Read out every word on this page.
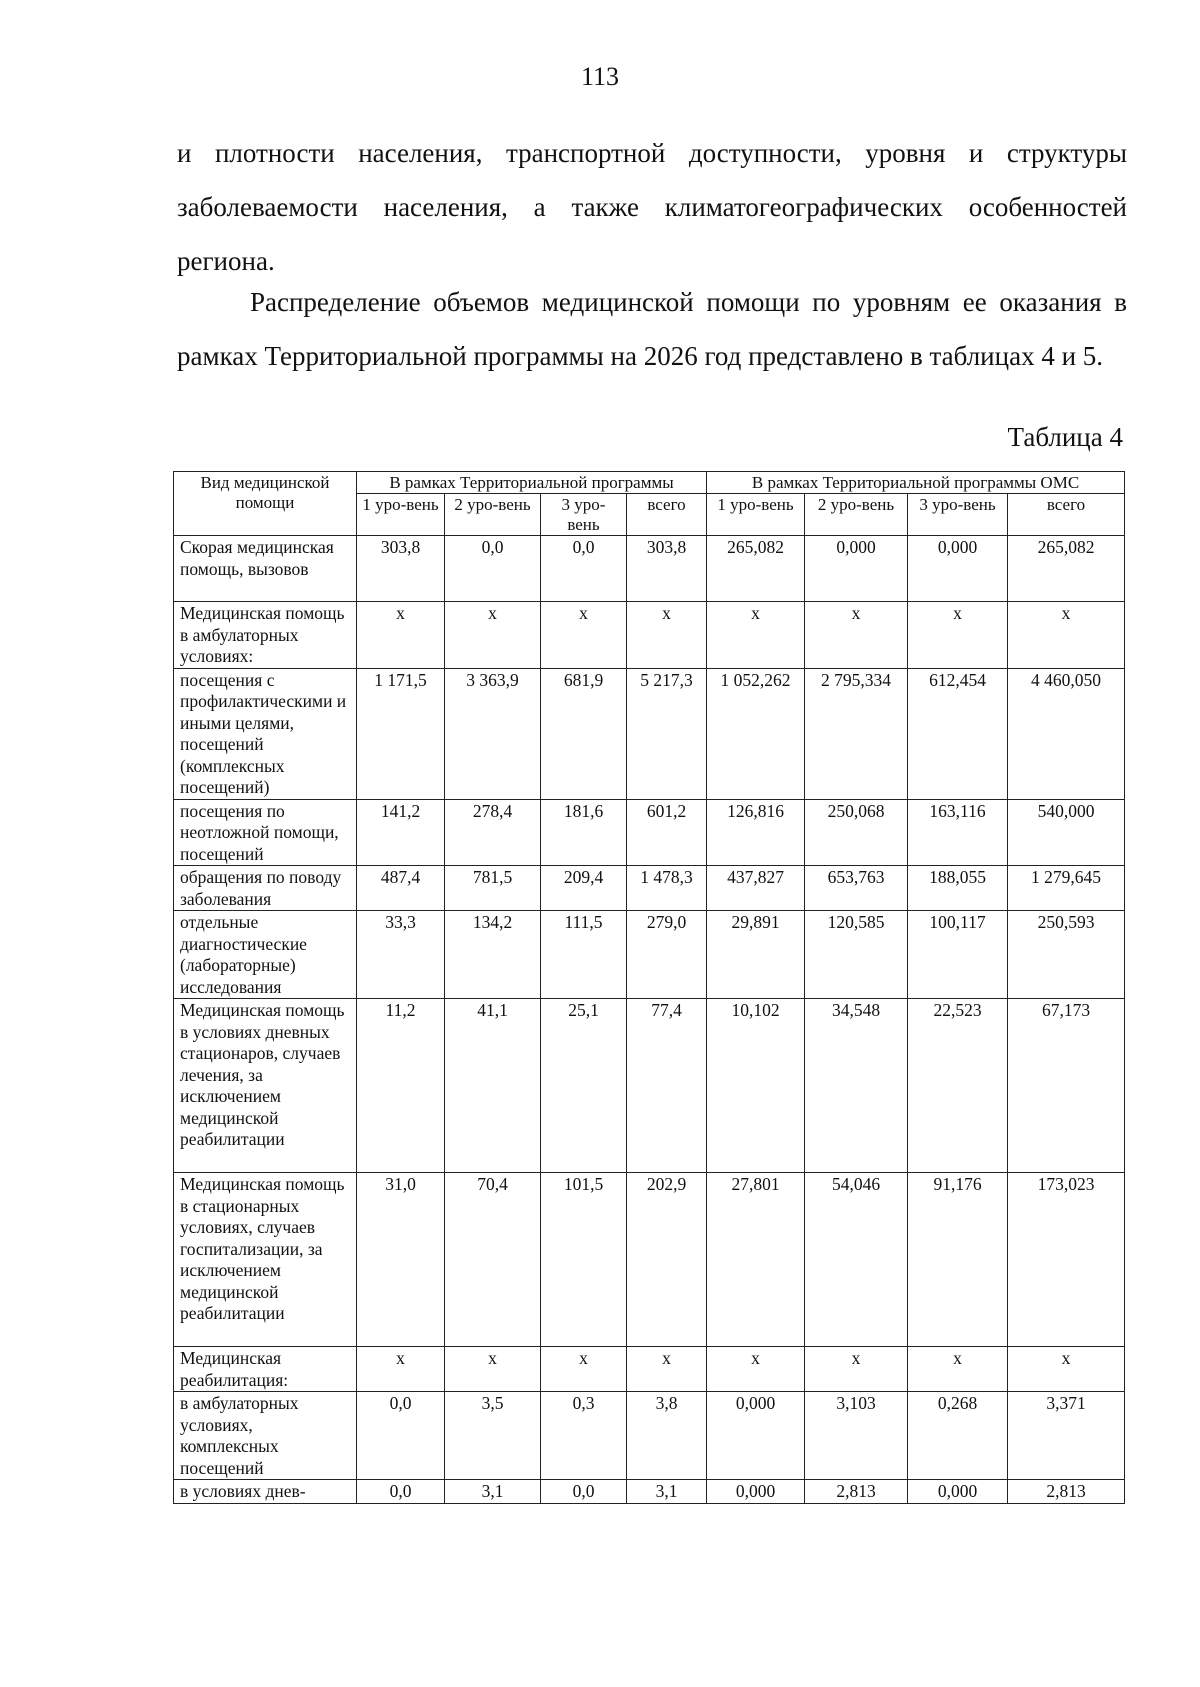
113

и плотности населения, транспортной доступности, уровня и структуры заболеваемости населения, а также климатогеографических особенностей региона.

Распределение объемов медицинской помощи по уровням ее оказания в рамках Территориальной программы на 2026 год представлено в таблицах 4 и 5.

Таблица 4
Вид медицинской помощи	В рамках Территориальной программы				В рамках Территориальной программы ОМС			
	1 уро-вень	2 уро-вень	3 уро-вень	всего	1 уро-вень	2 уро-вень	3 уро-вень	всего
Скорая медицинская помощь, вызовов	303,8	0,0	0,0	303,8	265,082	0,000	0,000	265,082
Медицинская помощь в амбулаторных условиях:	х	х	х	х	х	х	х	х
посещения с профилактическими и иными целями, посещений (комплексных посещений)	1 171,5	3 363,9	681,9	5 217,3	1 052,262	2 795,334	612,454	4 460,050
посещения по неотложной помощи, посещений	141,2	278,4	181,6	601,2	126,816	250,068	163,116	540,000
обращения по поводу заболевания	487,4	781,5	209,4	1 478,3	437,827	653,763	188,055	1 279,645
отдельные диагностические (лабораторные) исследования	33,3	134,2	111,5	279,0	29,891	120,585	100,117	250,593
Медицинская помощь в условиях дневных стационаров, случаев лечения, за исключением медицинской реабилитации	11,2	41,1	25,1	77,4	10,102	34,548	22,523	67,173
Медицинская помощь в стационарных условиях, случаев госпитализации, за исключением медицинской реабилитации	31,0	70,4	101,5	202,9	27,801	54,046	91,176	173,023
Медицинская реабилитация:	х	х	х	х	х	х	х	х
в амбулаторных условиях, комплексных посещений	0,0	3,5	0,3	3,8	0,000	3,103	0,268	3,371
в условиях днев-	0,0	3,1	0,0	3,1	0,000	2,813	0,000	2,813
